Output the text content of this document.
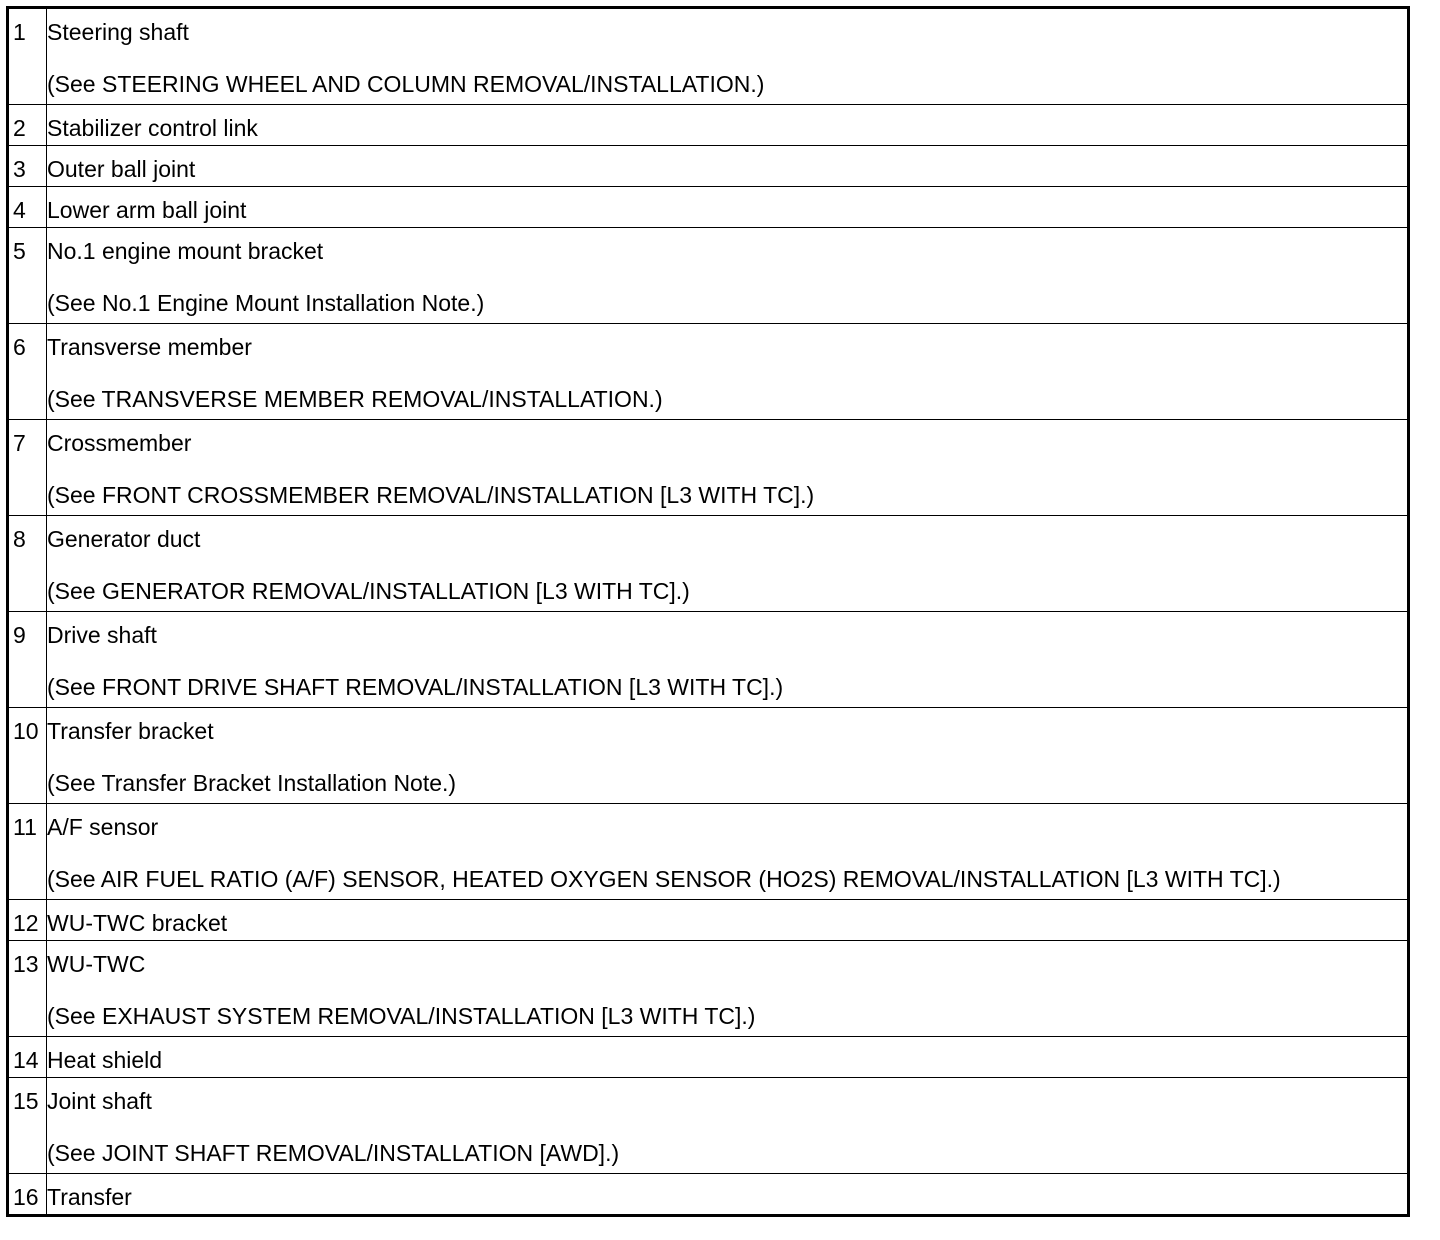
1	Steering shaft
(See STEERING WHEEL AND COLUMN REMOVAL/INSTALLATION.)

2	Stabilizer control link

3	Outer ball joint

4	Lower arm ball joint

5	No.1 engine mount bracket
(See No.1 Engine Mount Installation Note.)

6	Transverse member
(See TRANSVERSE MEMBER REMOVAL/INSTALLATION.)

7	Crossmember
(See FRONT CROSSMEMBER REMOVAL/INSTALLATION [L3 WITH TC].)

8	Generator duct
(See GENERATOR REMOVAL/INSTALLATION [L3 WITH TC].)

9	Drive shaft
(See FRONT DRIVE SHAFT REMOVAL/INSTALLATION [L3 WITH TC].)

10	Transfer bracket
(See Transfer Bracket Installation Note.)

11	A/F sensor
(See AIR FUEL RATIO (A/F) SENSOR, HEATED OXYGEN SENSOR (HO2S) REMOVAL/INSTALLATION [L3 WITH TC].)

12	WU-TWC bracket

13	WU-TWC
(See EXHAUST SYSTEM REMOVAL/INSTALLATION [L3 WITH TC].)

14	Heat shield

15	Joint shaft
(See JOINT SHAFT REMOVAL/INSTALLATION [AWD].)

16	Transfer
